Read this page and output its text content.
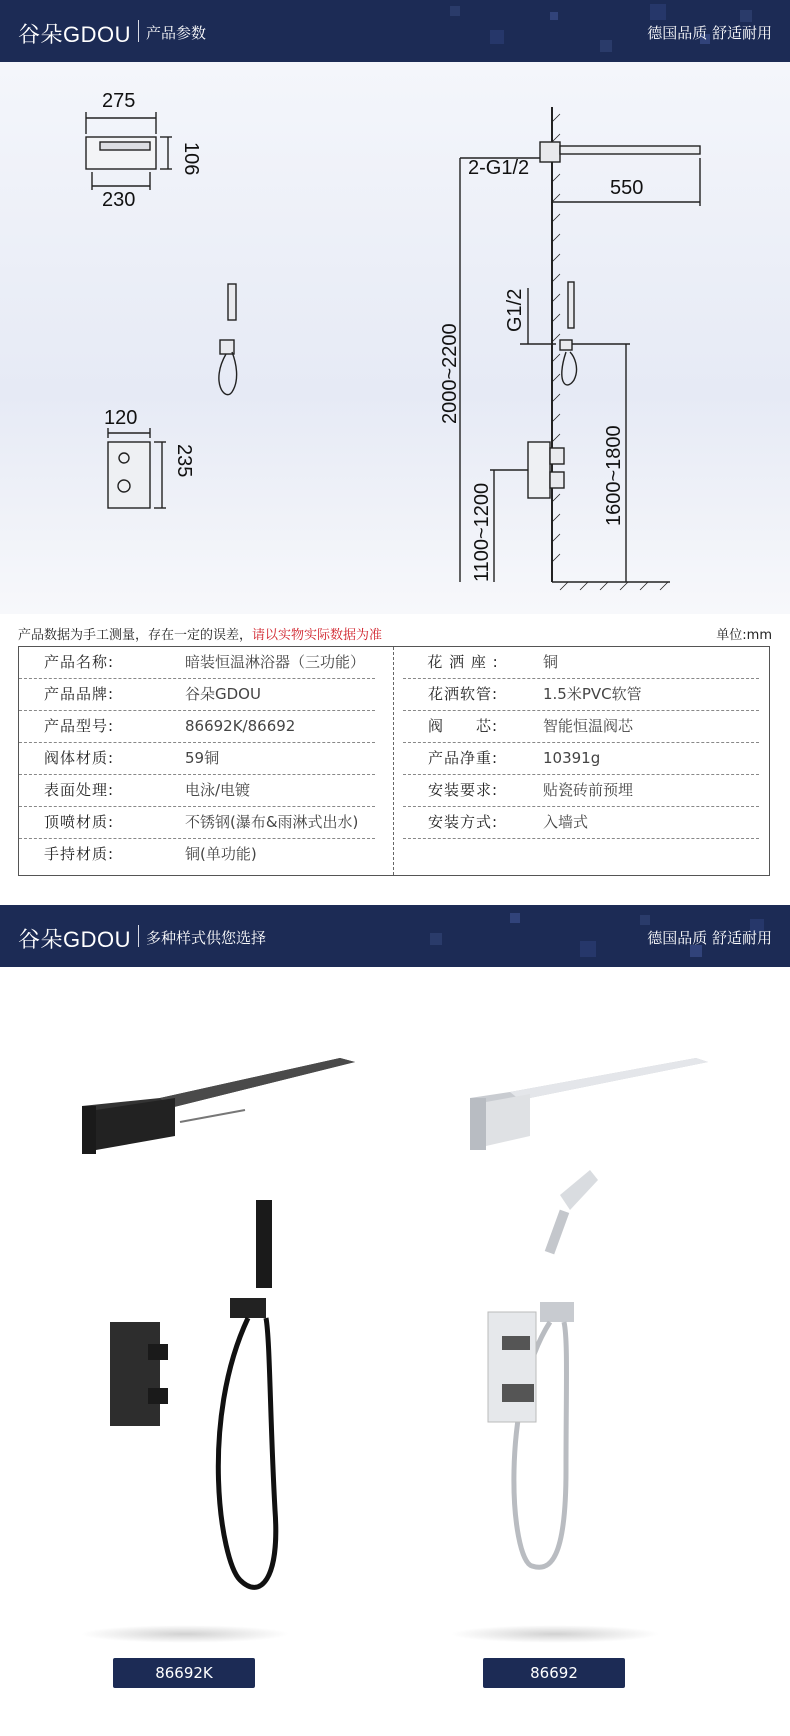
谷朵GDOU 产品参数	德国品质 舒适耐用
275
106
230
120
235
2-G1/2
550
G1/2
2000~2200
1100~1200
1600~1800
产品数据为手工测量，存在一定的误差，请以实物实际数据为准	单位:mm
产品名称:	暗装恒温淋浴器（三功能）
产品品牌:	谷朵GDOU
产品型号:	86692K/86692
阀体材质:	59铜
表面处理:	电泳/电镀
顶喷材质:	不锈钢(瀑布&雨淋式出水)
手持材质:	铜(单功能)
花 洒 座 :	铜
花洒软管:	1.5米PVC软管
阀　　芯:	智能恒温阀芯
产品净重:	10391g
安装要求:	贴瓷砖前预埋
安装方式:	入墙式
谷朵GDOU 多种样式供您选择	德国品质 舒适耐用
86692K	86692
